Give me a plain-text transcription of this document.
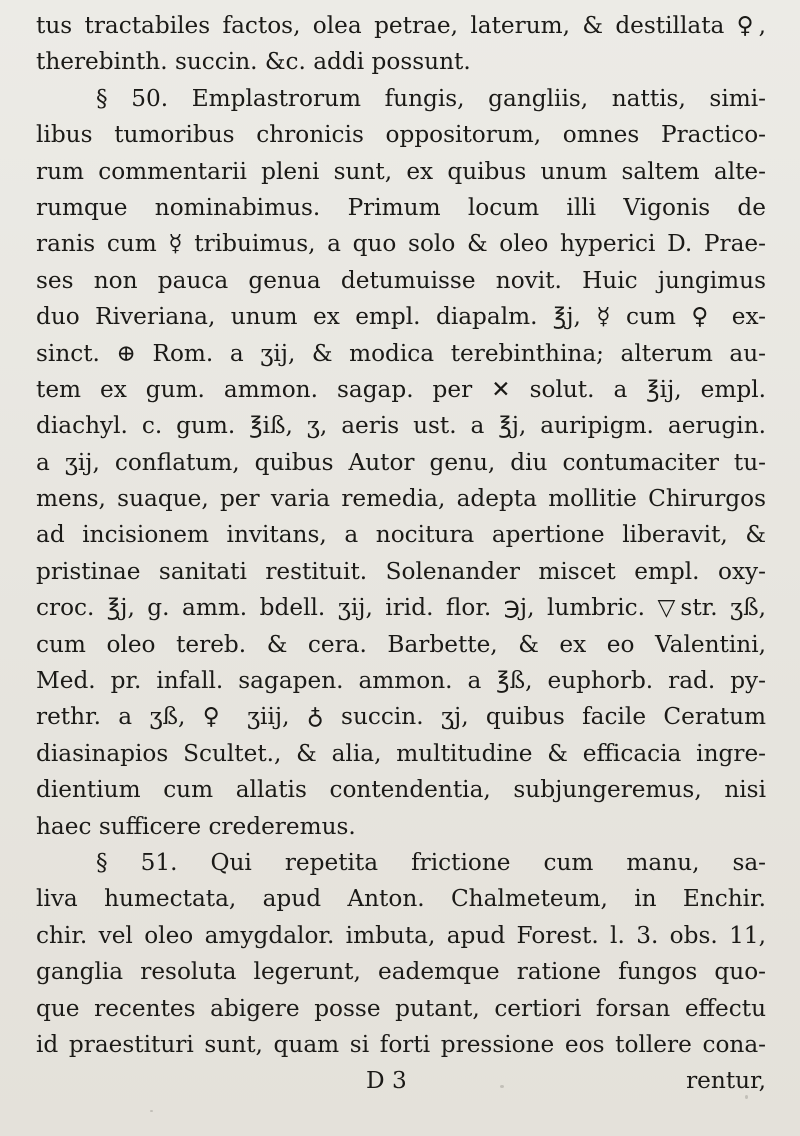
tus tractabiles factos, olea petrae, laterum, & destillata ♀,
therebinth. succin. &c. addi possunt.
§ 50. Emplastrorum fungis, gangliis, nattis, simi-
libus tumoribus chronicis oppositorum, omnes Practico-
rum commentarii pleni sunt, ex quibus unum saltem alte-
rumque nominabimus. Primum locum illi Vigonis de
ranis cum ☿ tribuimus, a quo solo & oleo hyperici D. Prae-
ses non pauca genua detumuisse novit. Huic jungimus
duo Riveriana, unum ex empl. diapalm. ℥j, ☿ cum ♀ ex-
sinct. ⊕ Rom. a ʒij, & modica terebinthina; alterum au-
tem ex gum. ammon. sagap. per ✕ solut. a ℥ij, empl.
diachyl. c. gum. ℥iß, ʒ, aeris ust. a ℥j, auripigm. aerugin.
a ʒij, conflatum, quibus Autor genu, diu contumaciter tu-
mens, suaque, per varia remedia, adepta mollitie Chirurgos
ad incisionem invitans, a nocitura apertione liberavit, &
pristinae sanitati restituit. Solenander miscet empl. oxy-
croc. ℥j, g. amm. bdell. ʒij, irid. flor. ℈j, lumbric. ▽str. ʒß,
cum oleo tereb. & cera. Barbette, & ex eo Valentini,
Med. pr. infall. sagapen. ammon. a ℥ß, euphorb. rad. py-
rethr. a ʒß, ♀ ʒiij, ♁ succin. ʒj, quibus facile Ceratum
diasinapios Scultet., & alia, multitudine & efficacia ingre-
dientium cum allatis contendentia, subjungeremus, nisi
haec sufficere crederemus.
§ 51. Qui repetita frictione cum manu, sa-
liva humectata, apud Anton. Chalmeteum, in Enchir.
chir. vel oleo amygdalor. imbuta, apud Forest. l. 3. obs. 11,
ganglia resoluta legerunt, eademque ratione fungos quo-
que recentes abigere posse putant, certiori forsan effectu
id praestituri sunt, quam si forti pressione eos tollere cona-
D 3	rentur,
